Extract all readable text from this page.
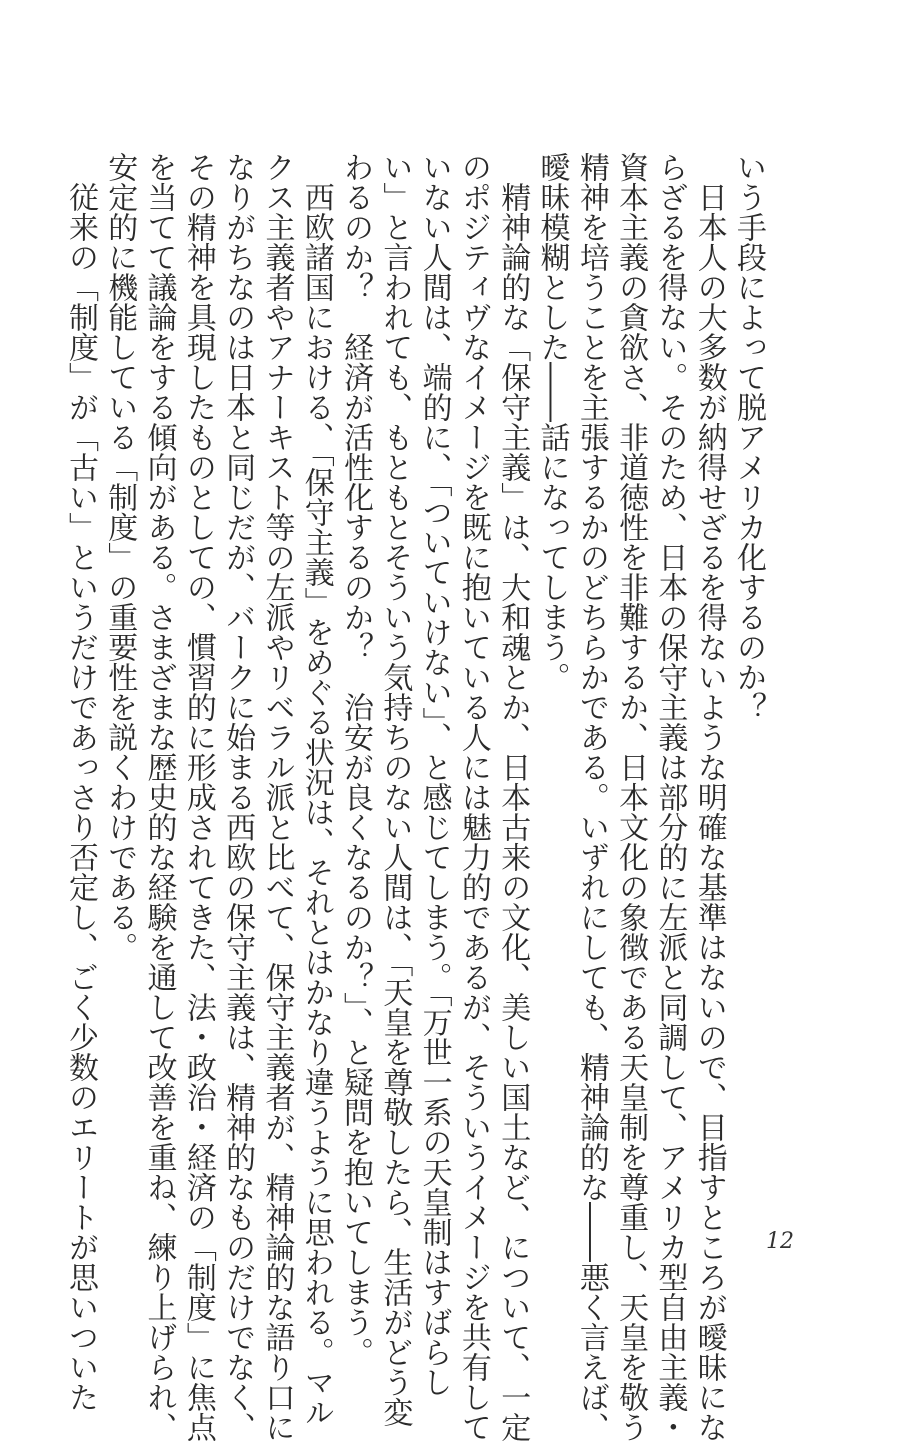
いう手段によって脱アメリカ化するのか？

　日本人の大多数が納得せざるを得ないような明確な基準はないので、目指すところが曖昧にな

らざるを得ない。そのため、日本の保守主義は部分的に左派と同調して、アメリカ型自由主義・

資本主義の貪欲さ、非道徳性を非難するか、日本文化の象徴である天皇制を尊重し、天皇を敬う

精神を培うことを主張するかのどちらかである。いずれにしても、精神論的な――悪く言えば、

曖昧模糊とした――話になってしまう。

　精神論的な「保守主義」は、大和魂とか、日本古来の文化、美しい国土など、について、一定

のポジティヴなイメージを既に抱いている人には魅力的であるが、そういうイメージを共有して

いない人間は、端的に、「ついていけない」、と感じてしまう。「万世一系の天皇制はすばらし

い」と言われても、もともとそういう気持ちのない人間は、「天皇を尊敬したら、生活がどう変

わるのか？　経済が活性化するのか？　治安が良くなるのか？」、と疑問を抱いてしまう。

　西欧諸国における、「保守主義」をめぐる状況は、それとはかなり違うように思われる。マル

クス主義者やアナーキスト等の左派やリベラル派と比べて、保守主義者が、精神論的な語り口に

なりがちなのは日本と同じだが、バークに始まる西欧の保守主義は、精神的なものだけでなく、

その精神を具現したものとしての、慣習的に形成されてきた、法・政治・経済の「制度」に焦点

を当てて議論をする傾向がある。さまざまな歴史的な経験を通して改善を重ね、練り上げられ、

安定的に機能している「制度」の重要性を説くわけである。

　従来の「制度」が「古い」というだけであっさり否定し、ごく少数のエリートが思いついた	12
